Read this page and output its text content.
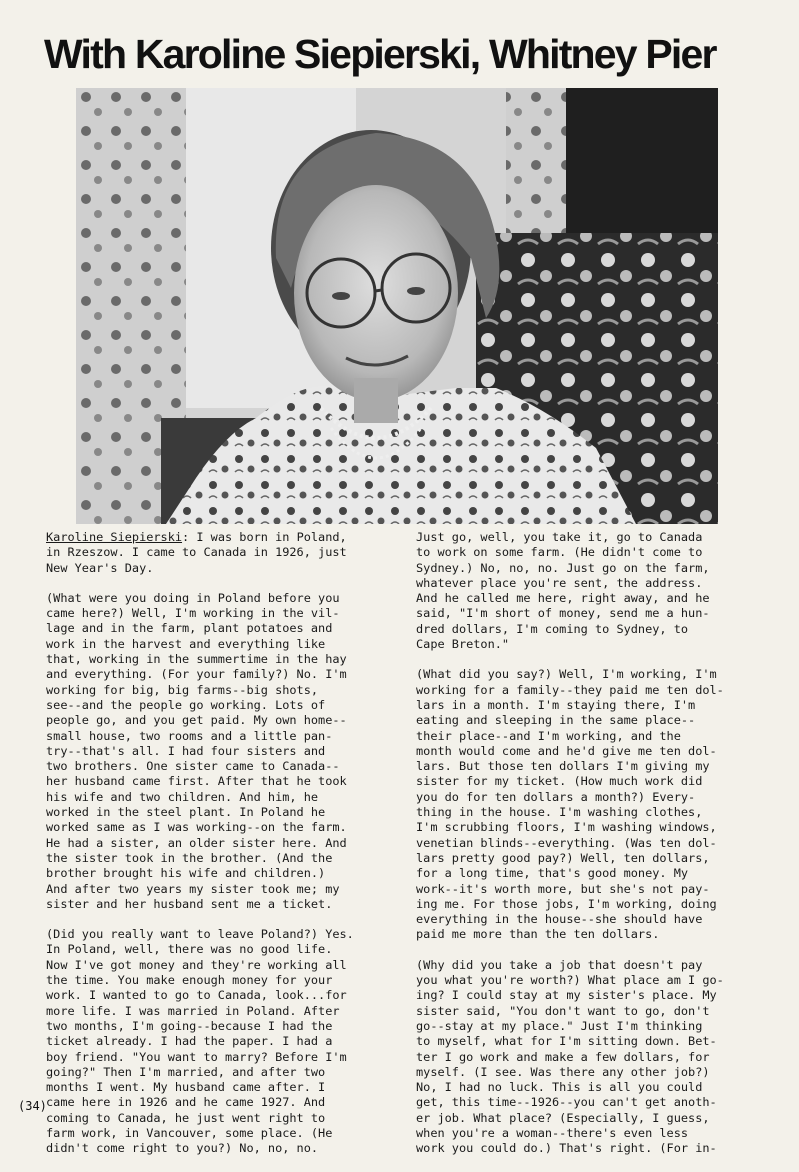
With Karoline Siepierski, Whitney Pier

Karoline Siepierski: I was born in Poland,
in Rzeszow. I came to Canada in 1926, just
New Year's Day.

(What were you doing in Poland before you
came here?) Well, I'm working in the vil-
lage and in the farm, plant potatoes and
work in the harvest and everything like
that, working in the summertime in the hay
and everything. (For your family?) No. I'm
working for big, big farms--big shots,
see--and the people go working. Lots of
people go, and you get paid. My own home--
small house, two rooms and a little pan-
try--that's all. I had four sisters and
two brothers. One sister came to Canada--
her husband came first. After that he took
his wife and two children. And him, he
worked in the steel plant. In Poland he
worked same as I was working--on the farm.
He had a sister, an older sister here. And
the sister took in the brother. (And the
brother brought his wife and children.)
And after two years my sister took me; my
sister and her husband sent me a ticket.

(Did you really want to leave Poland?) Yes.
In Poland, well, there was no good life.
Now I've got money and they're working all
the time. You make enough money for your
work. I wanted to go to Canada, look...for
more life. I was married in Poland. After
two months, I'm going--because I had the
ticket already. I had the paper. I had a
boy friend. "You want to marry? Before I'm
going?" Then I'm married, and after two
months I went. My husband came after. I
came here in 1926 and he came 1927. And
coming to Canada, he just went right to
farm work, in Vancouver, some place. (He
didn't come right to you?) No, no, no.

Just go, well, you take it, go to Canada
to work on some farm. (He didn't come to
Sydney.) No, no, no. Just go on the farm,
whatever place you're sent, the address.
And he called me here, right away, and he
said, "I'm short of money, send me a hun-
dred dollars, I'm coming to Sydney, to
Cape Breton."

(What did you say?) Well, I'm working, I'm
working for a family--they paid me ten dol-
lars in a month. I'm staying there, I'm
eating and sleeping in the same place--
their place--and I'm working, and the
month would come and he'd give me ten dol-
lars. But those ten dollars I'm giving my
sister for my ticket. (How much work did
you do for ten dollars a month?) Every-
thing in the house. I'm washing clothes,
I'm scrubbing floors, I'm washing windows,
venetian blinds--everything. (Was ten dol-
lars pretty good pay?) Well, ten dollars,
for a long time, that's good money. My
work--it's worth more, but she's not pay-
ing me. For those jobs, I'm working, doing
everything in the house--she should have
paid me more than the ten dollars.

(Why did you take a job that doesn't pay
you what you're worth?) What place am I go-
ing? I could stay at my sister's place. My
sister said, "You don't want to go, don't
go--stay at my place." Just I'm thinking
to myself, what for I'm sitting down. Bet-
ter I go work and make a few dollars, for
myself. (I see. Was there any other job?)
No, I had no luck. This is all you could
get, this time--1926--you can't get anoth-
er job. What place? (Especially, I guess,
when you're a woman--there's even less
work you could do.) That's right. (For in-

(34)
